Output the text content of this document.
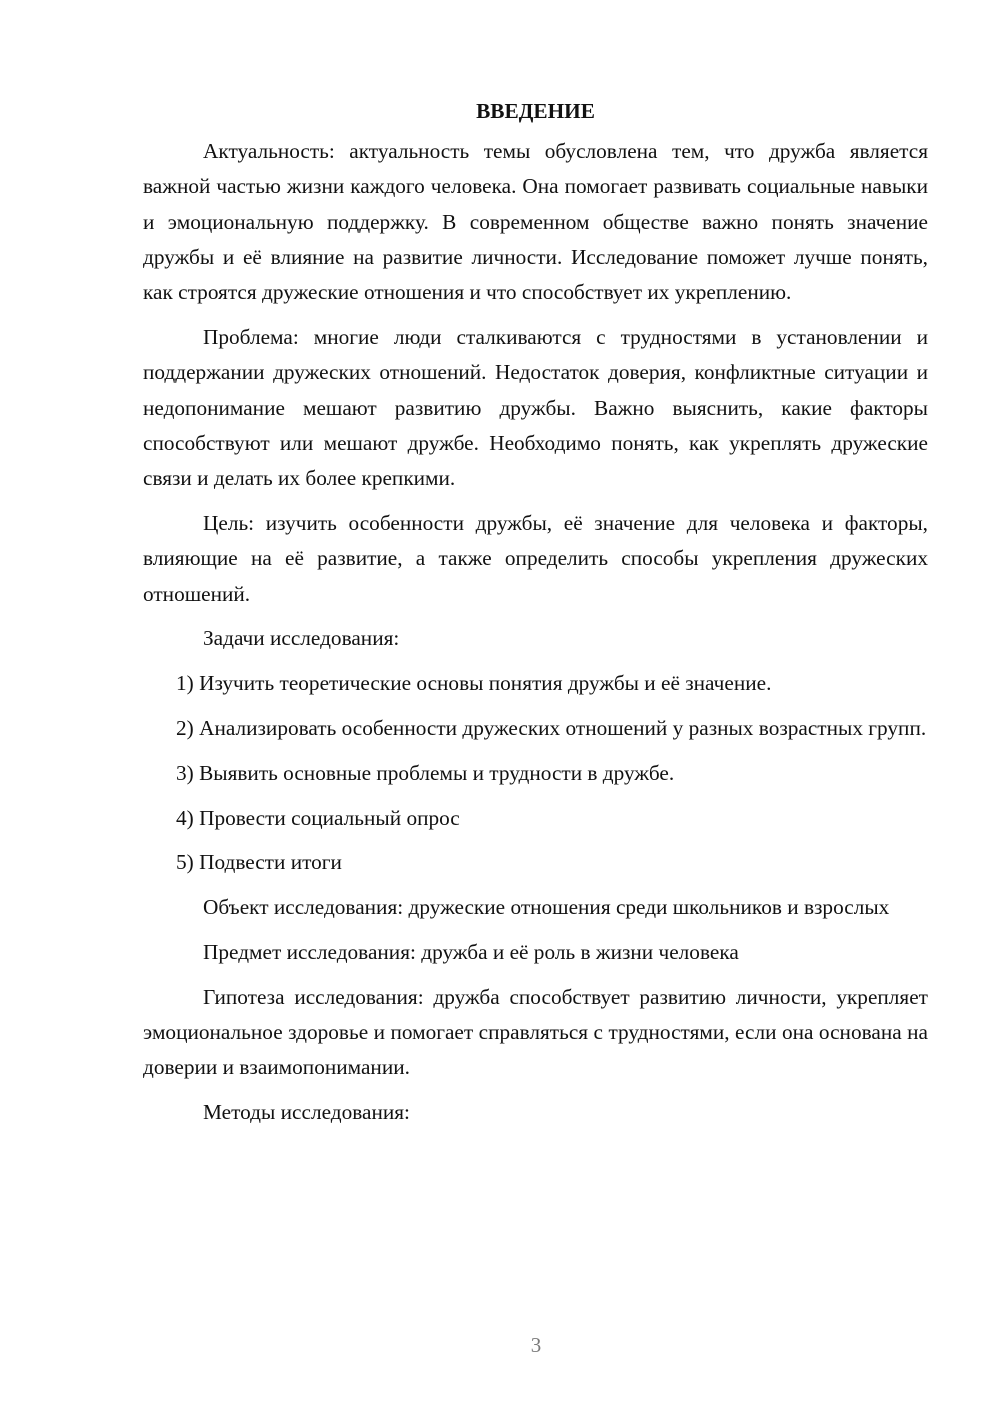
ВВЕДЕНИЕ

Актуальность: актуальность темы обусловлена тем, что дружба является важной частью жизни каждого человека. Она помогает развивать социальные навыки и эмоциональную поддержку. В современном обществе важно понять значение дружбы и её влияние на развитие личности. Исследование поможет лучше понять, как строятся дружеские отношения и что способствует их укреплению.

Проблема: многие люди сталкиваются с трудностями в установлении и поддержании дружеских отношений. Недостаток доверия, конфликтные ситуации и недопонимание мешают развитию дружбы. Важно выяснить, какие факторы способствуют или мешают дружбе. Необходимо понять, как укреплять дружеские связи и делать их более крепкими.

Цель: изучить особенности дружбы, её значение для человека и факторы, влияющие на её развитие, а также определить способы укрепления дружеских отношений.

Задачи исследования:

1) Изучить теоретические основы понятия дружбы и её значение.

2) Анализировать особенности дружеских отношений у разных возрастных групп.

3) Выявить основные проблемы и трудности в дружбе.

4) Провести социальный опрос

5) Подвести итоги

Объект исследования: дружеские отношения среди школьников и взрослых

Предмет исследования: дружба и её роль в жизни человека

Гипотеза исследования: дружба способствует развитию личности, укрепляет эмоциональное здоровье и помогает справляться с трудностями, если она основана на доверии и взаимопонимании.

Методы исследования:

3
